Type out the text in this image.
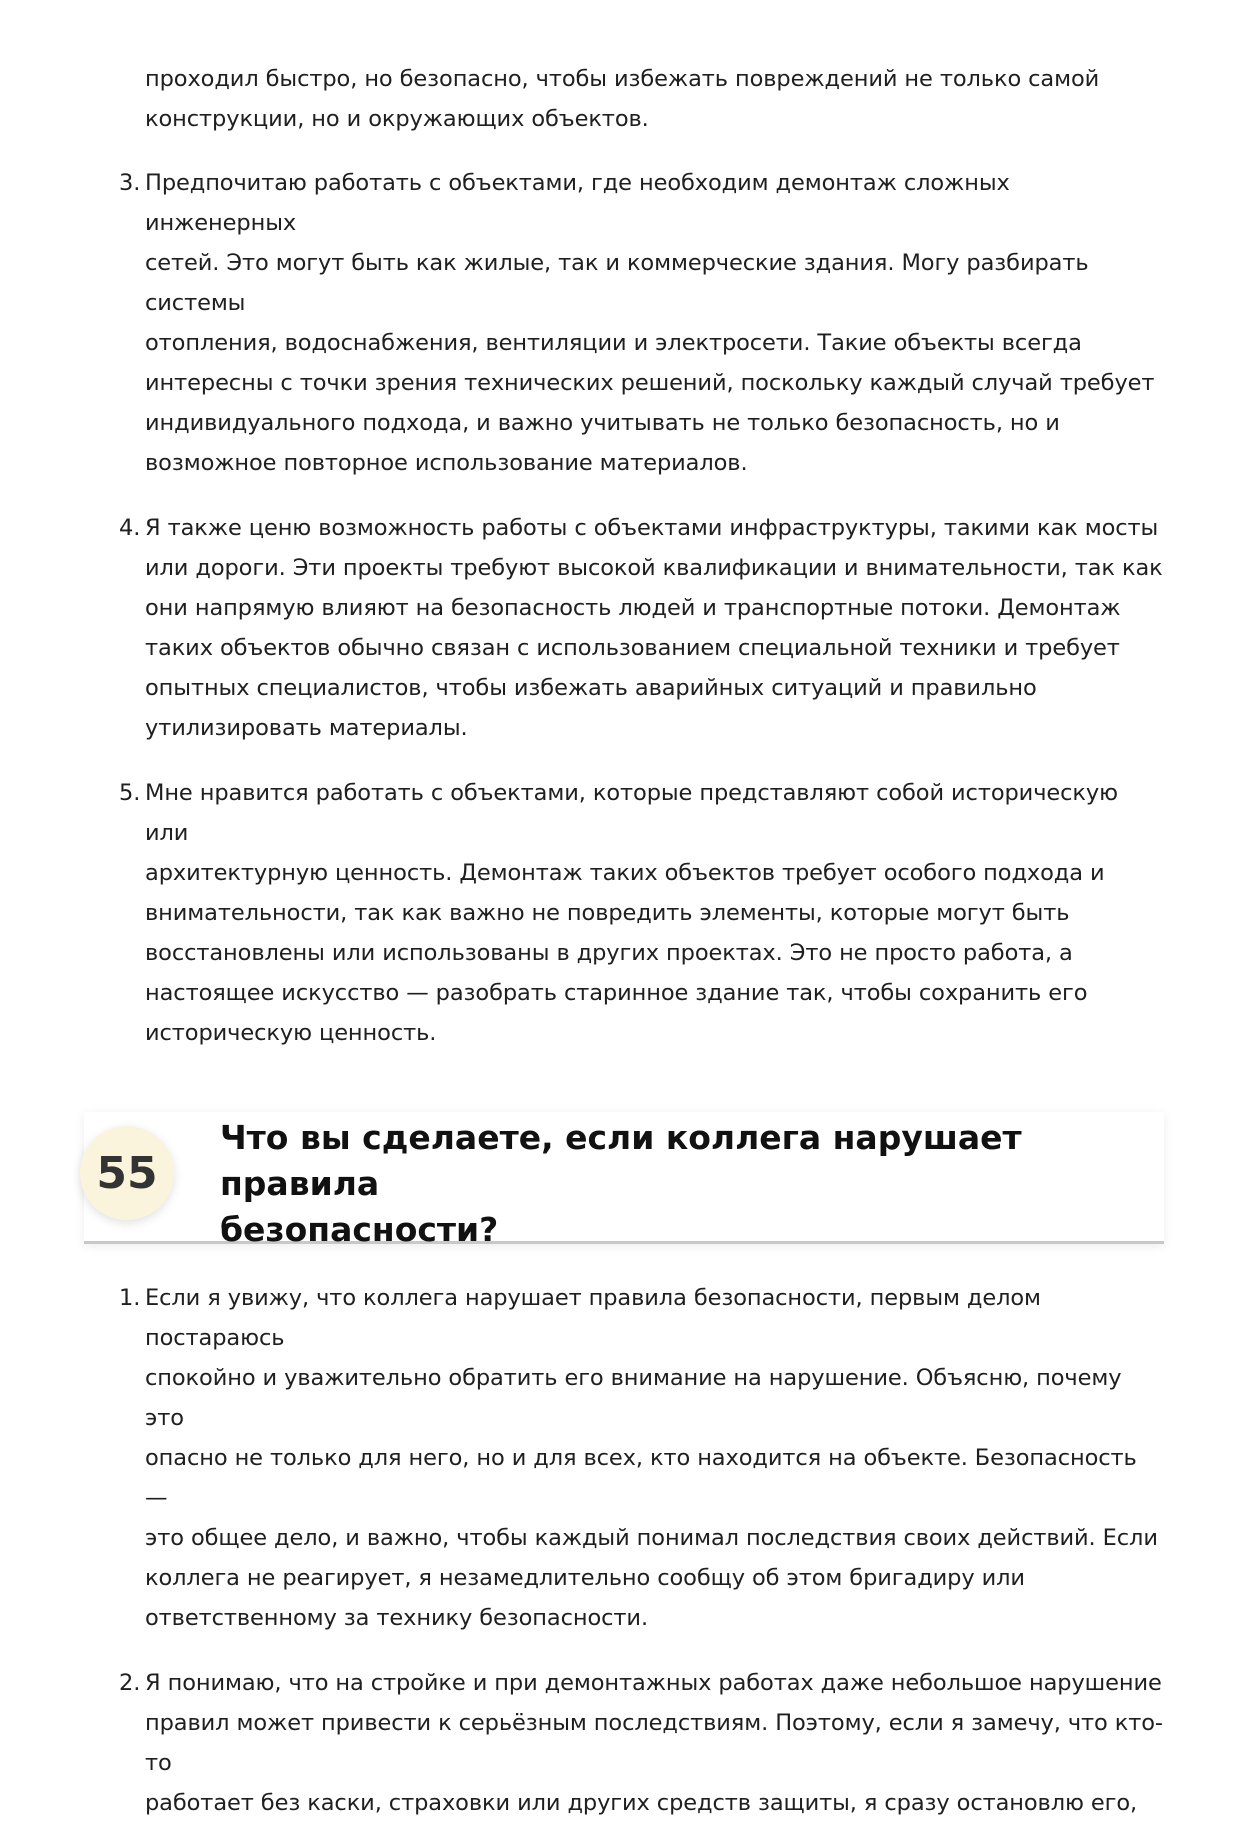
проходил быстро, но безопасно, чтобы избежать повреждений не только самой
конструкции, но и окружающих объектов.
3. Предпочитаю работать с объектами, где необходим демонтаж сложных инженерных
сетей. Это могут быть как жилые, так и коммерческие здания. Могу разбирать системы
отопления, водоснабжения, вентиляции и электросети. Такие объекты всегда
интересны с точки зрения технических решений, поскольку каждый случай требует
индивидуального подхода, и важно учитывать не только безопасность, но и
возможное повторное использование материалов.
4. Я также ценю возможность работы с объектами инфраструктуры, такими как мосты
или дороги. Эти проекты требуют высокой квалификации и внимательности, так как
они напрямую влияют на безопасность людей и транспортные потоки. Демонтаж
таких объектов обычно связан с использованием специальной техники и требует
опытных специалистов, чтобы избежать аварийных ситуаций и правильно
утилизировать материалы.
5. Мне нравится работать с объектами, которые представляют собой историческую или
архитектурную ценность. Демонтаж таких объектов требует особого подхода и
внимательности, так как важно не повредить элементы, которые могут быть
восстановлены или использованы в других проектах. Это не просто работа, а
настоящее искусство — разобрать старинное здание так, чтобы сохранить его
историческую ценность.
55
Что вы сделаете, если коллега нарушает правила
безопасности?
1. Если я увижу, что коллега нарушает правила безопасности, первым делом постараюсь
спокойно и уважительно обратить его внимание на нарушение. Объясню, почему это
опасно не только для него, но и для всех, кто находится на объекте. Безопасность —
это общее дело, и важно, чтобы каждый понимал последствия своих действий. Если
коллега не реагирует, я незамедлительно сообщу об этом бригадиру или
ответственному за технику безопасности.
2. Я понимаю, что на стройке и при демонтажных работах даже небольшое нарушение
правил может привести к серьёзным последствиям. Поэтому, если я замечу, что кто-то
работает без каски, страховки или других средств защиты, я сразу остановлю его,
